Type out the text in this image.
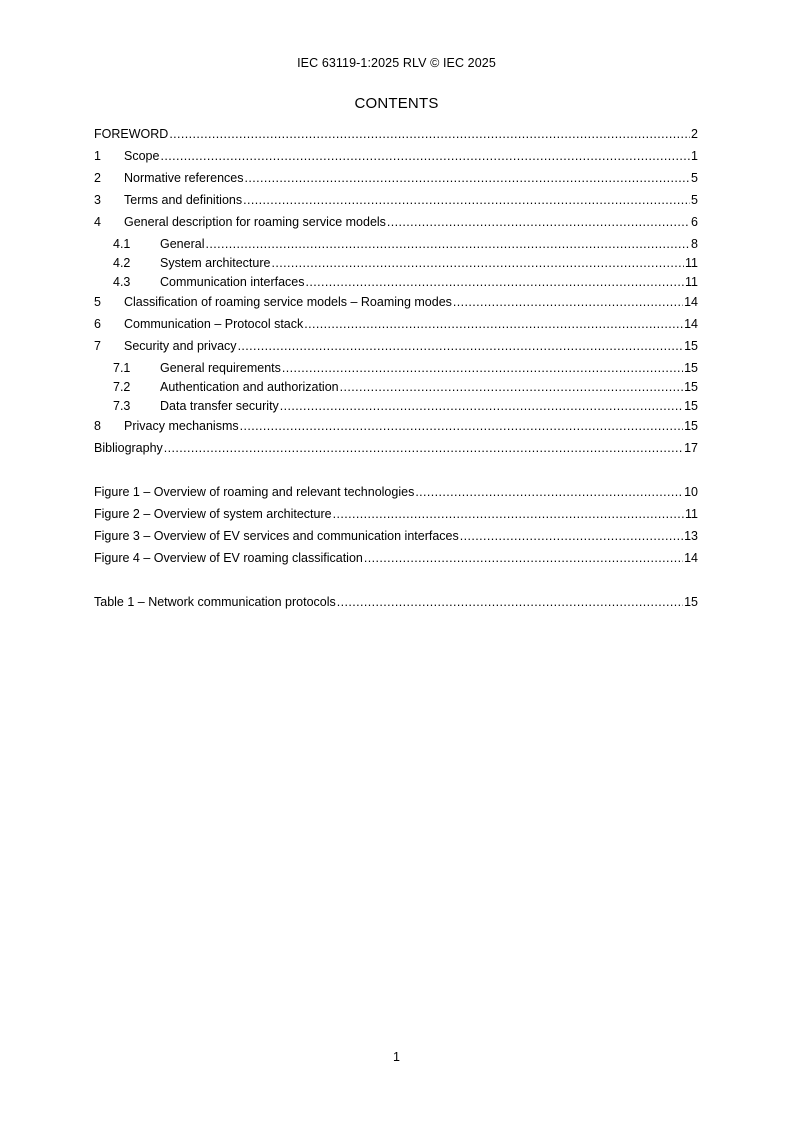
IEC 63119-1:2025 RLV © IEC 2025
CONTENTS
FOREWORD .....	2
1	Scope .....	1
2	Normative references .....	5
3	Terms and definitions .....	5
4	General description for roaming service models .....	6
4.1	General .....	8
4.2	System architecture .....	11
4.3	Communication interfaces .....	11
5	Classification of roaming service models – Roaming modes .....	14
6	Communication – Protocol stack .....	14
7	Security and privacy .....	15
7.1	General requirements .....	15
7.2	Authentication and authorization .....	15
7.3	Data transfer security .....	15
8	Privacy mechanisms .....	15
Bibliography .....	17
Figure 1 – Overview of roaming and relevant technologies .....	10
Figure 2 – Overview of system architecture .....	11
Figure 3 – Overview of EV services and communication interfaces .....	13
Figure 4 – Overview of EV roaming classification .....	14
Table 1 – Network communication protocols .....	15
1
